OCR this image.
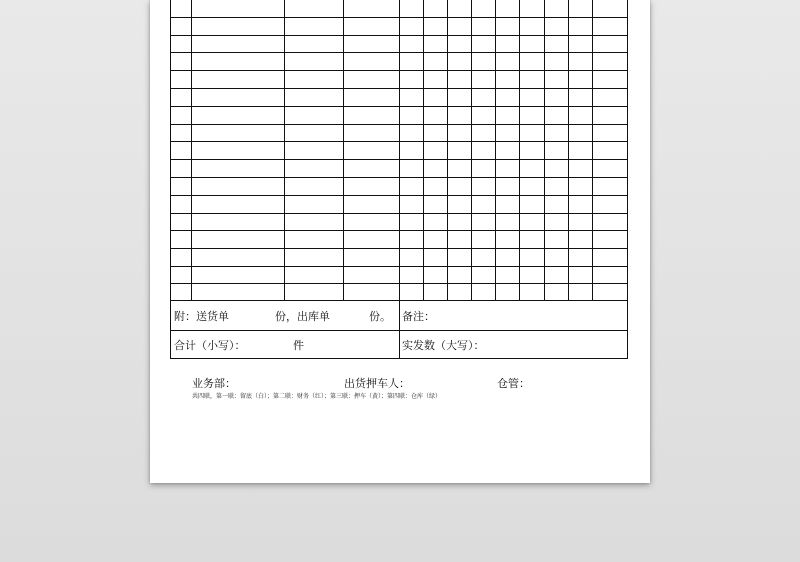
附：送货单	份，出库单	份。 备注：
合计（小写）：	件	实发数（大写）：
业务部：	出货押车人：	仓管：
共四联，第一联：留底（白）；第二联：财务（红）；第三联：押车（黄）；第四联：仓库（绿）
